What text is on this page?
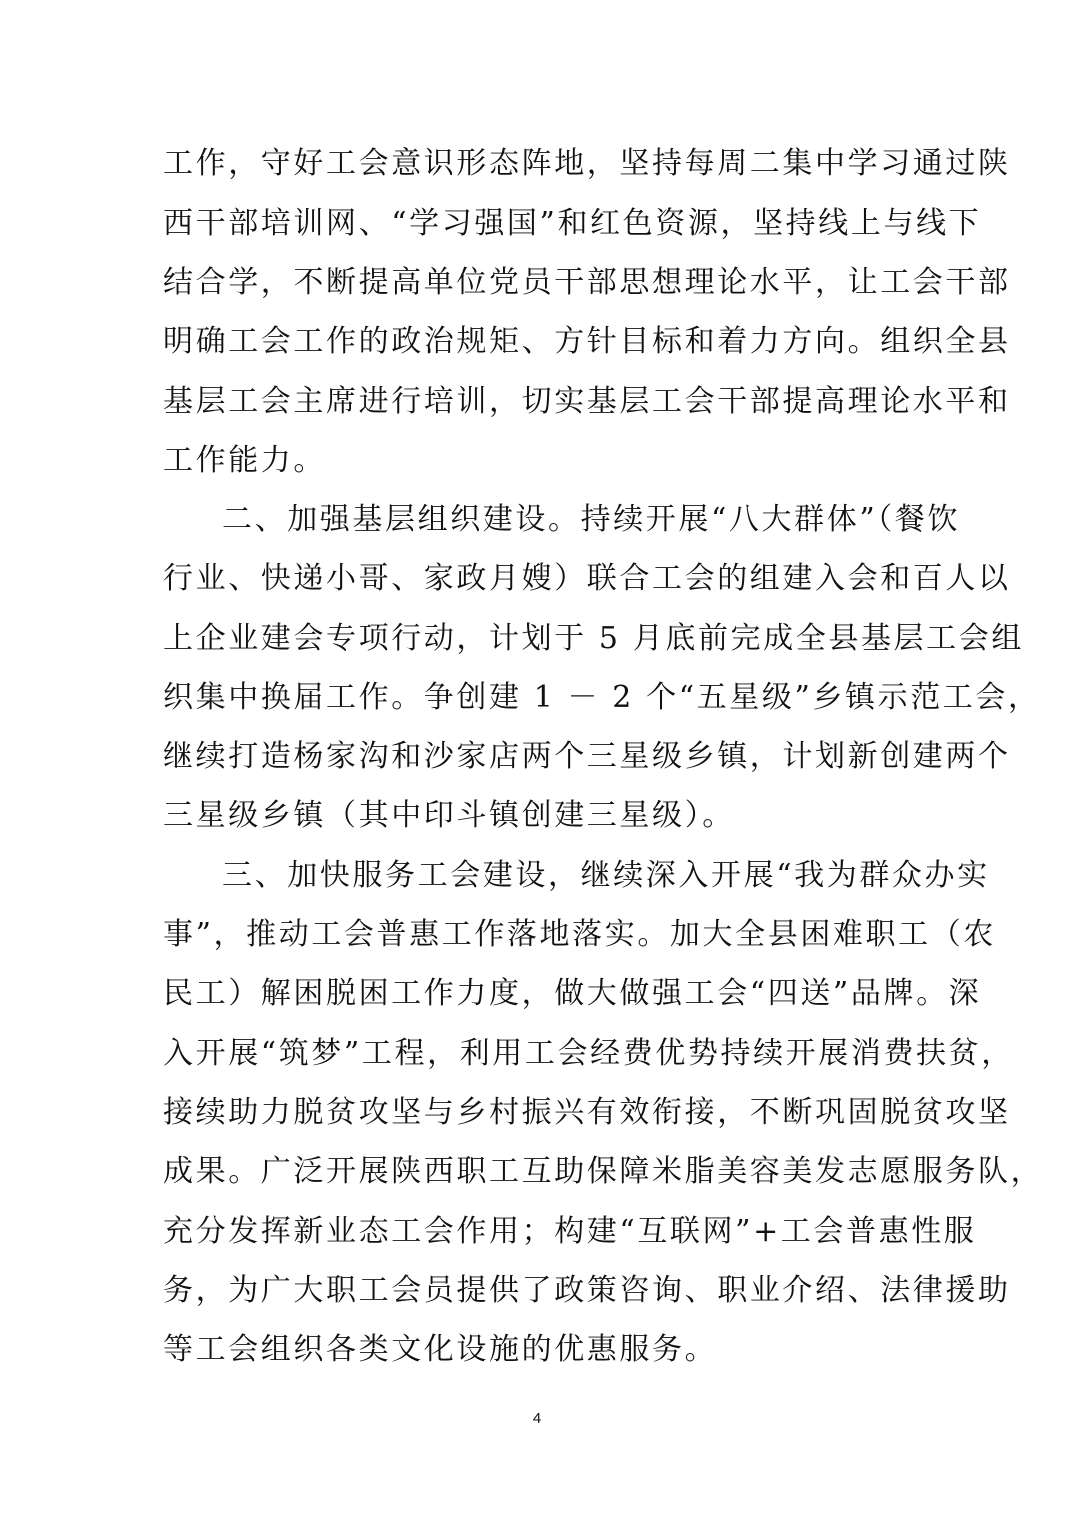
工作，守好工会意识形态阵地，坚持每周二集中学习通过陕
西干部培训网、“学习强国”和红色资源，坚持线上与线下
结合学，不断提高单位党员干部思想理论水平，让工会干部
明确工会工作的政治规矩、方针目标和着力方向。组织全县
基层工会主席进行培训，切实基层工会干部提高理论水平和
工作能力。
二、加强基层组织建设。持续开展“八大群体”（餐饮
行业、快递小哥、家政月嫂）联合工会的组建入会和百人以
上企业建会专项行动，计划于 5 月底前完成全县基层工会组
织集中换届工作。争创建 1 － 2 个“五星级”乡镇示范工会，
继续打造杨家沟和沙家店两个三星级乡镇，计划新创建两个
三星级乡镇（其中印斗镇创建三星级）。
三、加快服务工会建设，继续深入开展“我为群众办实
事”，推动工会普惠工作落地落实。加大全县困难职工（农
民工）解困脱困工作力度，做大做强工会“四送”品牌。深
入开展“筑梦”工程，利用工会经费优势持续开展消费扶贫，
接续助力脱贫攻坚与乡村振兴有效衔接，不断巩固脱贫攻坚
成果。广泛开展陕西职工互助保障米脂美容美发志愿服务队，
充分发挥新业态工会作用；构建“互联网”+工会普惠性服
务，为广大职工会员提供了政策咨询、职业介绍、法律援助
等工会组织各类文化设施的优惠服务。
4
